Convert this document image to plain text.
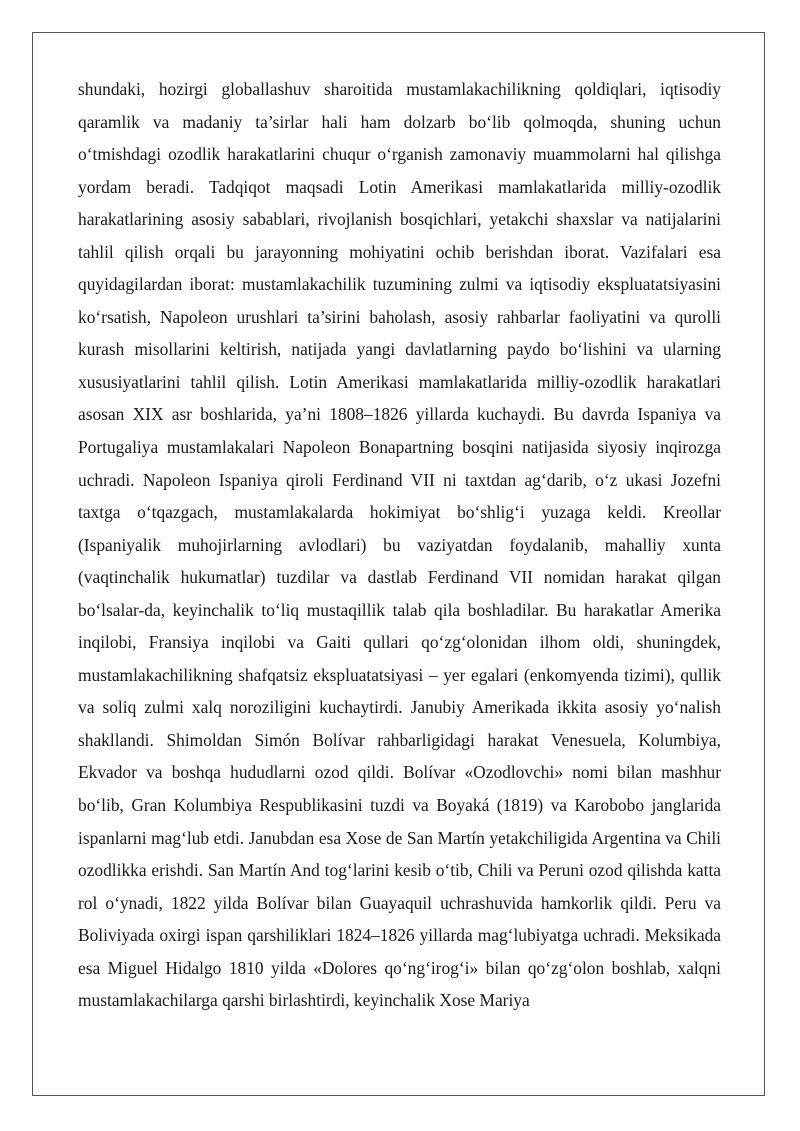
shundaki, hozirgi globallashuv sharoitida mustamlakachilikning qoldiqlari, iqtisodiy qaramlik va madaniy ta’sirlar hali ham dolzarb bo‘lib qolmoqda, shuning uchun o‘tmishdagi ozodlik harakatlarini chuqur o‘rganish zamonaviy muammolarni hal qilishga yordam beradi. Tadqiqot maqsadi Lotin Amerikasi mamlakatlarida milliy-ozodlik harakatlarining asosiy sabablari, rivojlanish bosqichlari, yetakchi shaxslar va natijalarini tahlil qilish orqali bu jarayonning mohiyatini ochib berishdan iborat. Vazifalari esa quyidagilardan iborat: mustamlakachilik tuzumining zulmi va iqtisodiy ekspluatatsiyasini ko‘rsatish, Napoleon urushlari ta’sirini baholash, asosiy rahbarlar faoliyatini va qurolli kurash misollarini keltirish, natijada yangi davlatlarning paydo bo‘lishini va ularning xususiyatlarini tahlil qilish. Lotin Amerikasi mamlakatlarida milliy-ozodlik harakatlari asosan XIX asr boshlarida, ya’ni 1808–1826 yillarda kuchaydi. Bu davrda Ispaniya va Portugaliya mustamlakalari Napoleon Bonapartning bosqini natijasida siyosiy inqirozga uchradi. Napoleon Ispaniya qiroli Ferdinand VII ni taxtdan ag‘darib, o‘z ukasi Jozefni taxtga o‘tqazgach, mustamlakalarda hokimiyat bo‘shlig‘i yuzaga keldi. Kreollar (Ispaniyalik muhojirlarning avlodlari) bu vaziyatdan foydalanib, mahalliy xunta (vaqtinchalik hukumatlar) tuzdilar va dastlab Ferdinand VII nomidan harakat qilgan bo‘lsalar-da, keyinchalik to‘liq mustaqillik talab qila boshladilar. Bu harakatlar Amerika inqilobi, Fransiya inqilobi va Gaiti qullari qo‘zg‘olonidan ilhom oldi, shuningdek, mustamlakachilikning shafqatsiz ekspluatatsiyasi – yer egalari (enkomyenda tizimi), qullik va soliq zulmi xalq noroziligini kuchaytirdi. Janubiy Amerikada ikkita asosiy yo‘nalish shakllandi. Shimoldan Simón Bolívar rahbarligidagi harakat Venesuela, Kolumbiya, Ekvador va boshqa hududlarni ozod qildi. Bolívar «Ozodlovchi» nomi bilan mashhur bo‘lib, Gran Kolumbiya Respublikasini tuzdi va Boyaká (1819) va Karobobo janglarida ispanlarni mag‘lub etdi. Janubdan esa Xose de San Martín yetakchiligida Argentina va Chili ozodlikka erishdi. San Martín And tog‘larini kesib o‘tib, Chili va Peruni ozod qilishda katta rol o‘ynadi, 1822 yilda Bolívar bilan Guayaquil uchrashuvida hamkorlik qildi. Peru va Boliviyada oxirgi ispan qarshiliklari 1824–1826 yillarda mag‘lubiyatga uchradi. Meksikada esa Miguel Hidalgo 1810 yilda «Dolores qo‘ng‘irog‘i» bilan qo‘zg‘olon boshlab, xalqni mustamlakachilarga qarshi birlashtirdi, keyinchalik Xose Mariya
